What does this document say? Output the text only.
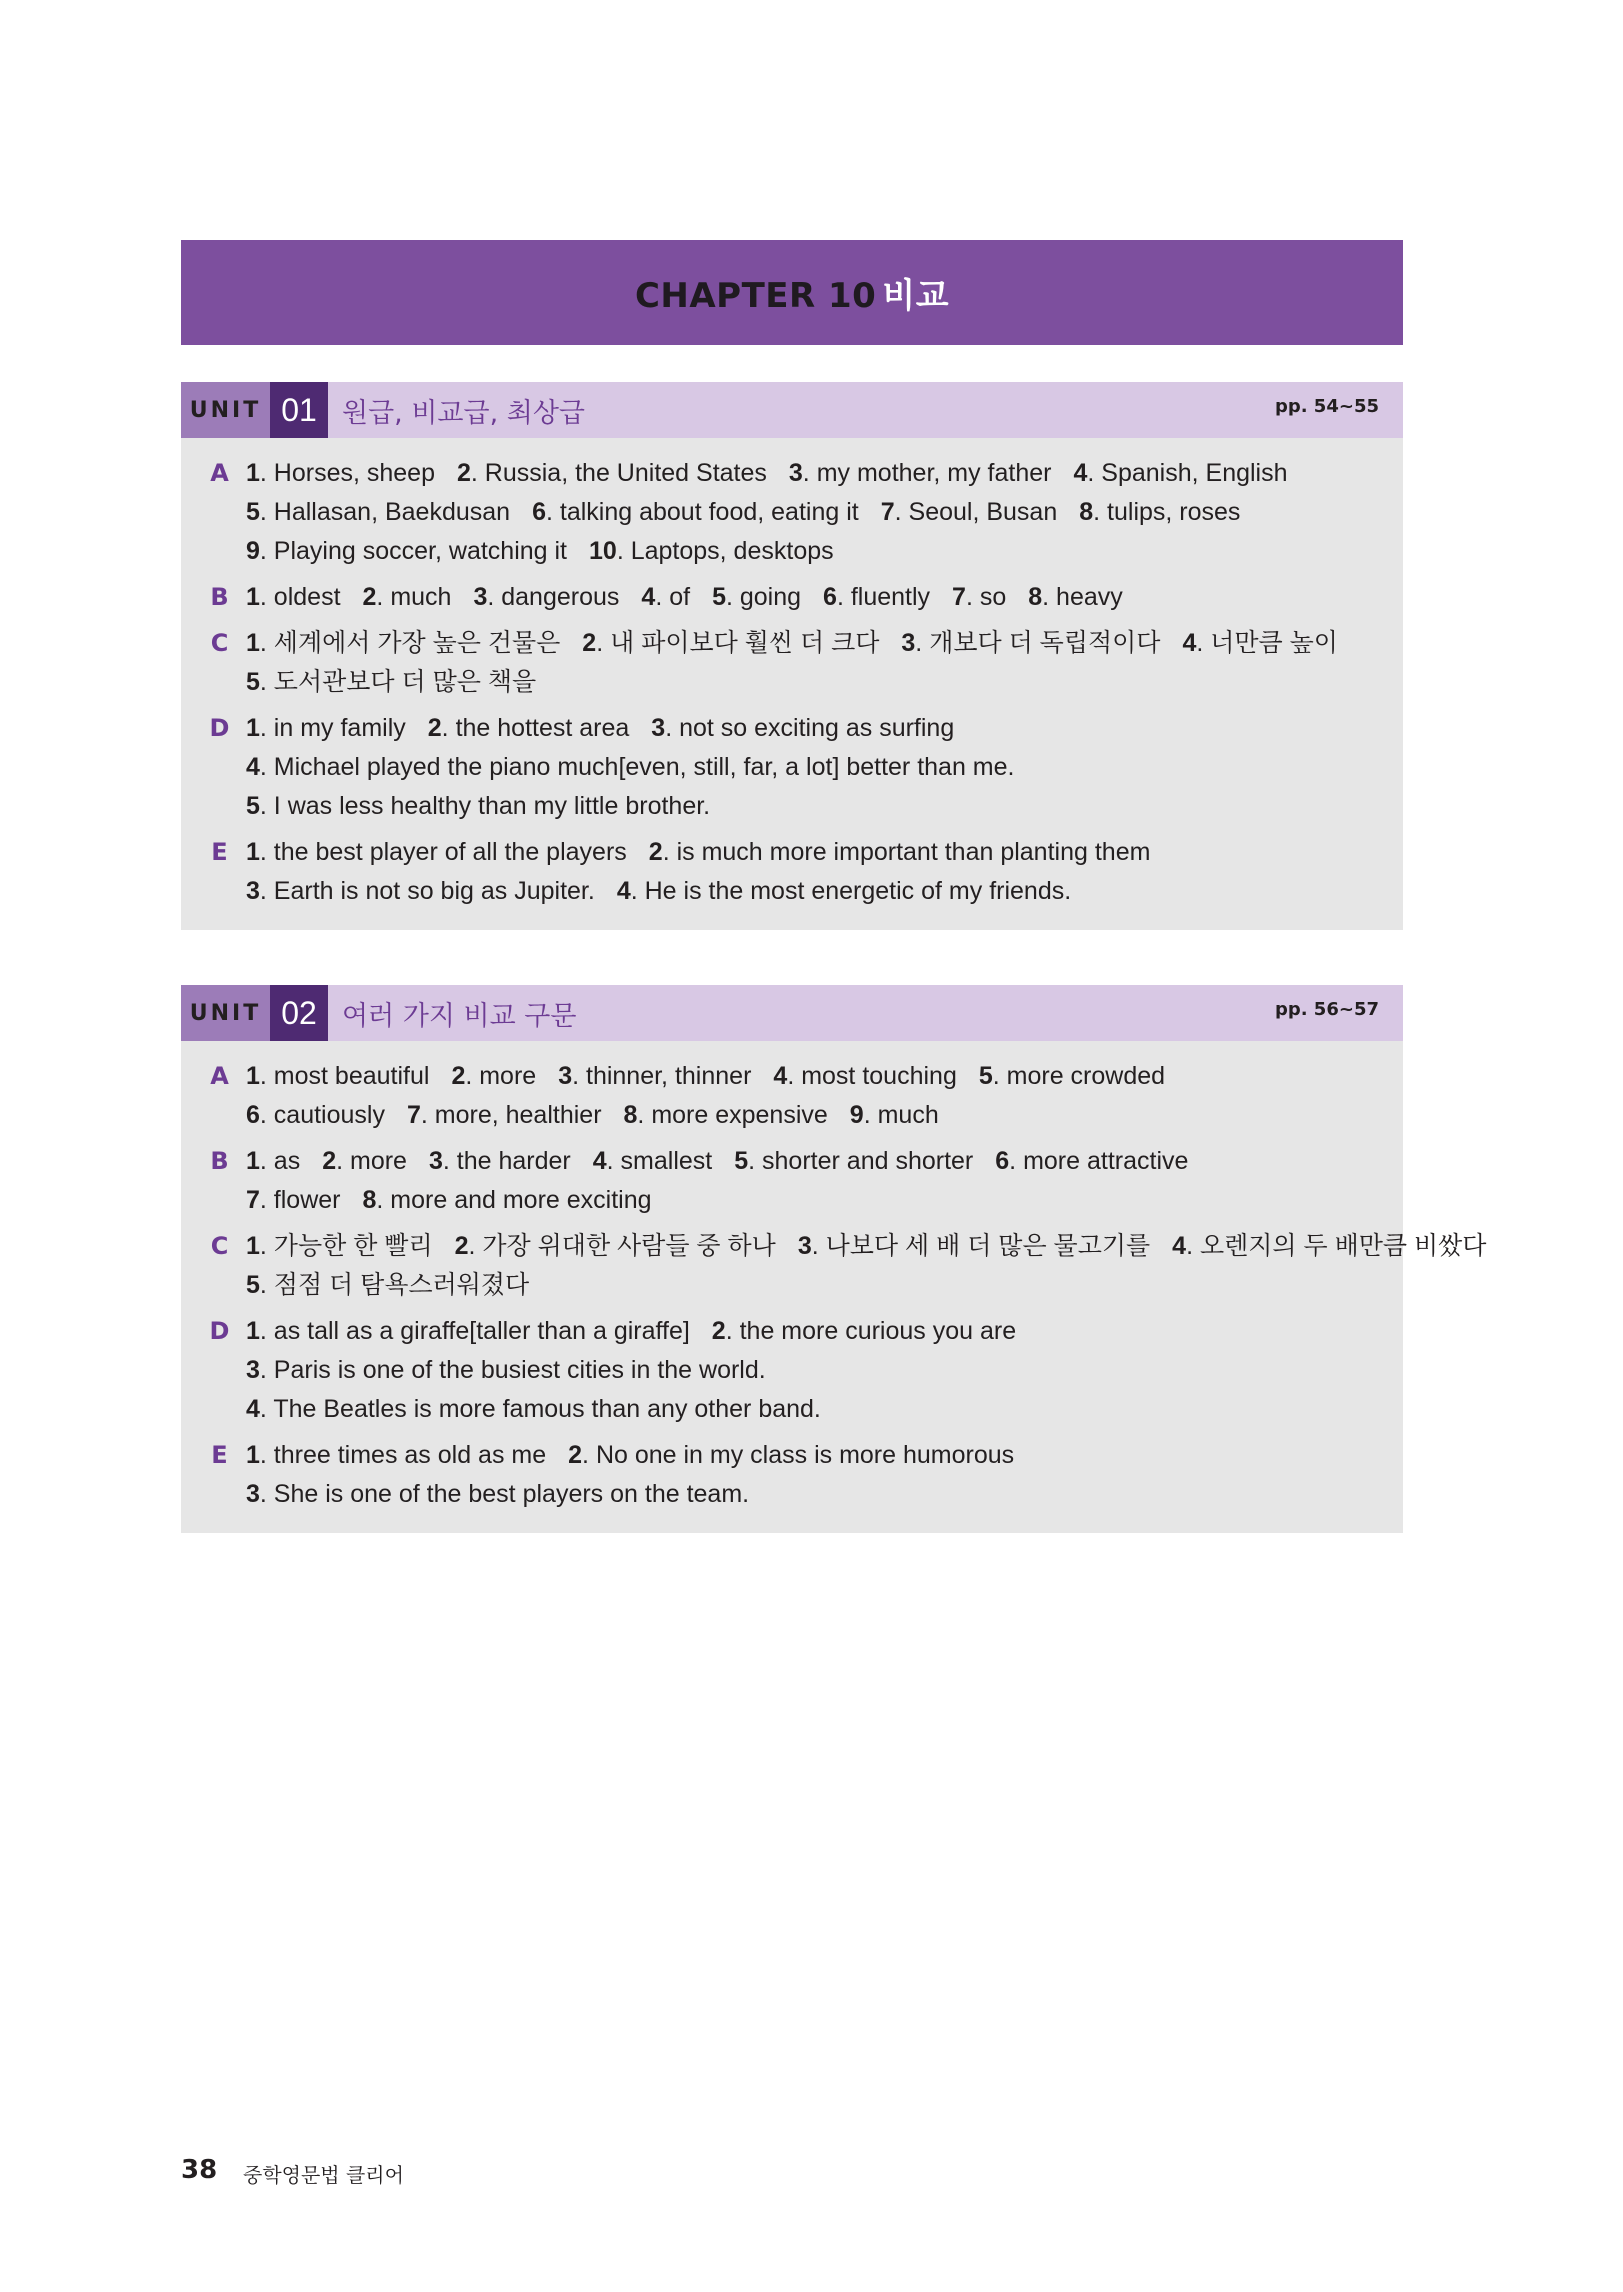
CHAPTER 10 비교
UNIT 01 원급, 비교급, 최상급	pp. 54~55
A 1. Horses, sheep 2. Russia, the United States 3. my mother, my father 4. Spanish, English
5. Hallasan, Baekdusan 6. talking about food, eating it 7. Seoul, Busan 8. tulips, roses
9. Playing soccer, watching it 10. Laptops, desktops
B 1. oldest 2. much 3. dangerous 4. of 5. going 6. fluently 7. so 8. heavy
C 1. 세계에서 가장 높은 건물은 2. 내 파이보다 훨씬 더 크다 3. 개보다 더 독립적이다 4. 너만큼 높이
5. 도서관보다 더 많은 책을
D 1. in my family 2. the hottest area 3. not so exciting as surfing
4. Michael played the piano much[even, still, far, a lot] better than me.
5. I was less healthy than my little brother.
E 1. the best player of all the players 2. is much more important than planting them
3. Earth is not so big as Jupiter. 4. He is the most energetic of my friends.
UNIT 02 여러 가지 비교 구문	pp. 56~57
A 1. most beautiful 2. more 3. thinner, thinner 4. most touching 5. more crowded
6. cautiously 7. more, healthier 8. more expensive 9. much
B 1. as 2. more 3. the harder 4. smallest 5. shorter and shorter 6. more attractive
7. flower 8. more and more exciting
C 1. 가능한 한 빨리 2. 가장 위대한 사람들 중 하나 3. 나보다 세 배 더 많은 물고기를 4. 오렌지의 두 배만큼 비쌌다
5. 점점 더 탐욕스러워졌다
D 1. as tall as a giraffe[taller than a giraffe] 2. the more curious you are
3. Paris is one of the busiest cities in the world.
4. The Beatles is more famous than any other band.
E 1. three times as old as me 2. No one in my class is more humorous
3. She is one of the best players on the team.
38 중학영문법 클리어
